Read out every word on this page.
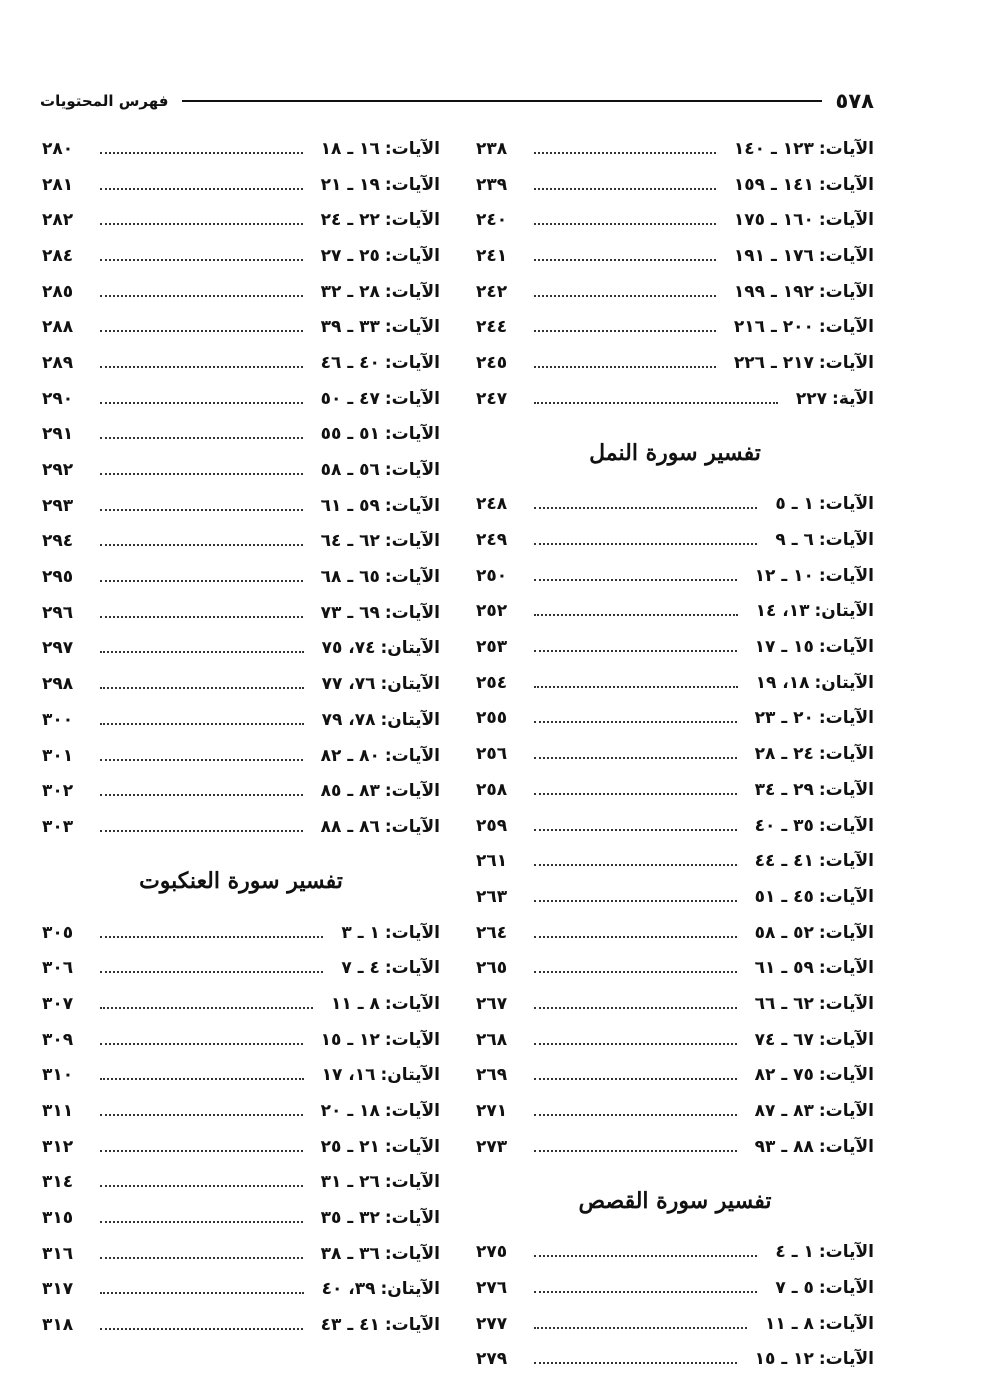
٥٧٨
فهرس المحتويات
الآيات:
١٢٣ ـ ١٤٠
٢٣٨
الآيات:
١٤١ ـ ١٥٩
٢٣٩
الآيات:
١٦٠ ـ ١٧٥
٢٤٠
الآيات:
١٧٦ ـ ١٩١
٢٤١
الآيات:
١٩٢ ـ ١٩٩
٢٤٢
الآيات:
٢٠٠ ـ ٢١٦
٢٤٤
الآيات:
٢١٧ ـ ٢٢٦
٢٤٥
الآية:
٢٢٧
٢٤٧
تفسير سورة النمل
الآيات:
١ ـ ٥
٢٤٨
الآيات:
٦ ـ ٩
٢٤٩
الآيات:
١٠ ـ ١٢
٢٥٠
الآيتان:
١٣، ١٤
٢٥٢
الآيات:
١٥ ـ ١٧
٢٥٣
الآيتان:
١٨، ١٩
٢٥٤
الآيات:
٢٠ ـ ٢٣
٢٥٥
الآيات:
٢٤ ـ ٢٨
٢٥٦
الآيات:
٢٩ ـ ٣٤
٢٥٨
الآيات:
٣٥ ـ ٤٠
٢٥٩
الآيات:
٤١ ـ ٤٤
٢٦١
الآيات:
٤٥ ـ ٥١
٢٦٣
الآيات:
٥٢ ـ ٥٨
٢٦٤
الآيات:
٥٩ ـ ٦١
٢٦٥
الآيات:
٦٢ ـ ٦٦
٢٦٧
الآيات:
٦٧ ـ ٧٤
٢٦٨
الآيات:
٧٥ ـ ٨٢
٢٦٩
الآيات:
٨٣ ـ ٨٧
٢٧١
الآيات:
٨٨ ـ ٩٣
٢٧٣
تفسير سورة القصص
الآيات:
١ ـ ٤
٢٧٥
الآيات:
٥ ـ ٧
٢٧٦
الآيات:
٨ ـ ١١
٢٧٧
الآيات:
١٢ ـ ١٥
٢٧٩
الآيات:
١٦ ـ ١٨
٢٨٠
الآيات:
١٩ ـ ٢١
٢٨١
الآيات:
٢٢ ـ ٢٤
٢٨٢
الآيات:
٢٥ ـ ٢٧
٢٨٤
الآيات:
٢٨ ـ ٣٢
٢٨٥
الآيات:
٣٣ ـ ٣٩
٢٨٨
الآيات:
٤٠ ـ ٤٦
٢٨٩
الآيات:
٤٧ ـ ٥٠
٢٩٠
الآيات:
٥١ ـ ٥٥
٢٩١
الآيات:
٥٦ ـ ٥٨
٢٩٢
الآيات:
٥٩ ـ ٦١
٢٩٣
الآيات:
٦٢ ـ ٦٤
٢٩٤
الآيات:
٦٥ ـ ٦٨
٢٩٥
الآيات:
٦٩ ـ ٧٣
٢٩٦
الآيتان:
٧٤، ٧٥
٢٩٧
الآيتان:
٧٦، ٧٧
٢٩٨
الآيتان:
٧٨، ٧٩
٣٠٠
الآيات:
٨٠ ـ ٨٢
٣٠١
الآيات:
٨٣ ـ ٨٥
٣٠٢
الآيات:
٨٦ ـ ٨٨
٣٠٣
تفسير سورة العنكبوت
الآيات:
١ ـ ٣
٣٠٥
الآيات:
٤ ـ ٧
٣٠٦
الآيات:
٨ ـ ١١
٣٠٧
الآيات:
١٢ ـ ١٥
٣٠٩
الآيتان:
١٦، ١٧
٣١٠
الآيات:
١٨ ـ ٢٠
٣١١
الآيات:
٢١ ـ ٢٥
٣١٢
الآيات:
٢٦ ـ ٣١
٣١٤
الآيات:
٣٢ ـ ٣٥
٣١٥
الآيات:
٣٦ ـ ٣٨
٣١٦
الآيتان:
٣٩، ٤٠
٣١٧
الآيات:
٤١ ـ ٤٣
٣١٨
